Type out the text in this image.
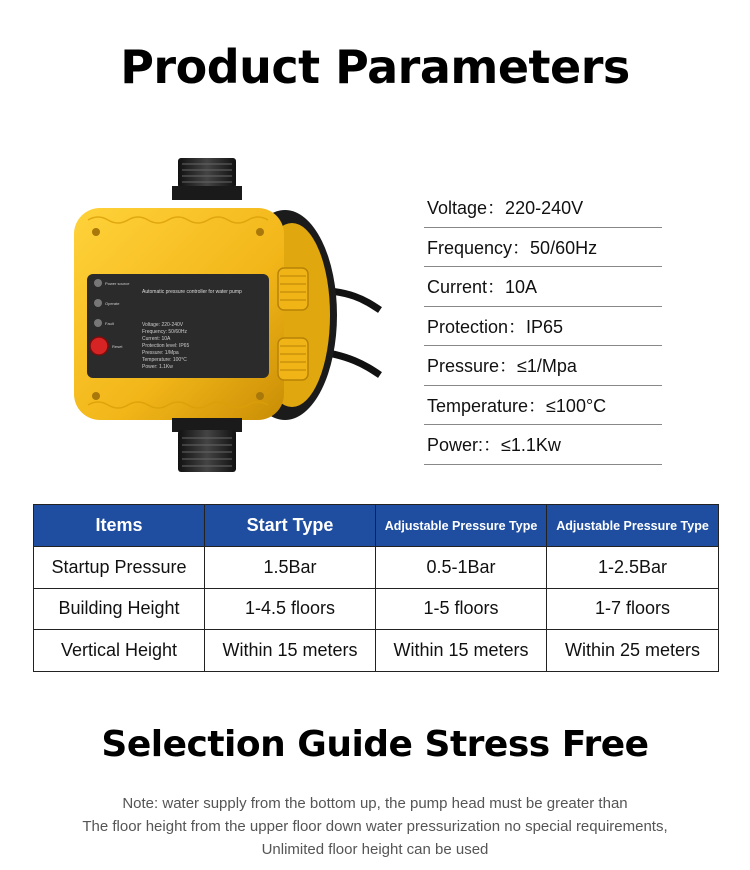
Product Parameters
Automatic pressure controller for water pump
Power source
Operate
Fault
Reset
Voltage: 220-240V
Frequency: 50/60Hz
Current: 10A
Protection level: IP65
Pressure: 1/Mpa
Temperature: 100°C
Power: 1.1Kw
Voltage：220-240V
Frequency：50/60Hz
Current：10A
Protection：IP65
Pressure：≤1/Mpa
Temperature：≤100°C
Power:：≤1.1Kw
Items	Start Type	Adjustable Pressure Type	Adjustable Pressure Type
Startup Pressure	1.5Bar	0.5-1Bar	1-2.5Bar
Building Height	1-4.5 floors	1-5 floors	1-7 floors
Vertical Height	Within 15 meters	Within 15 meters	Within 25 meters
Selection Guide Stress Free
Note: water supply from the bottom up, the pump head must be greater than
The floor height from the upper floor down water pressurization no special requirements,
Unlimited floor height can be used
